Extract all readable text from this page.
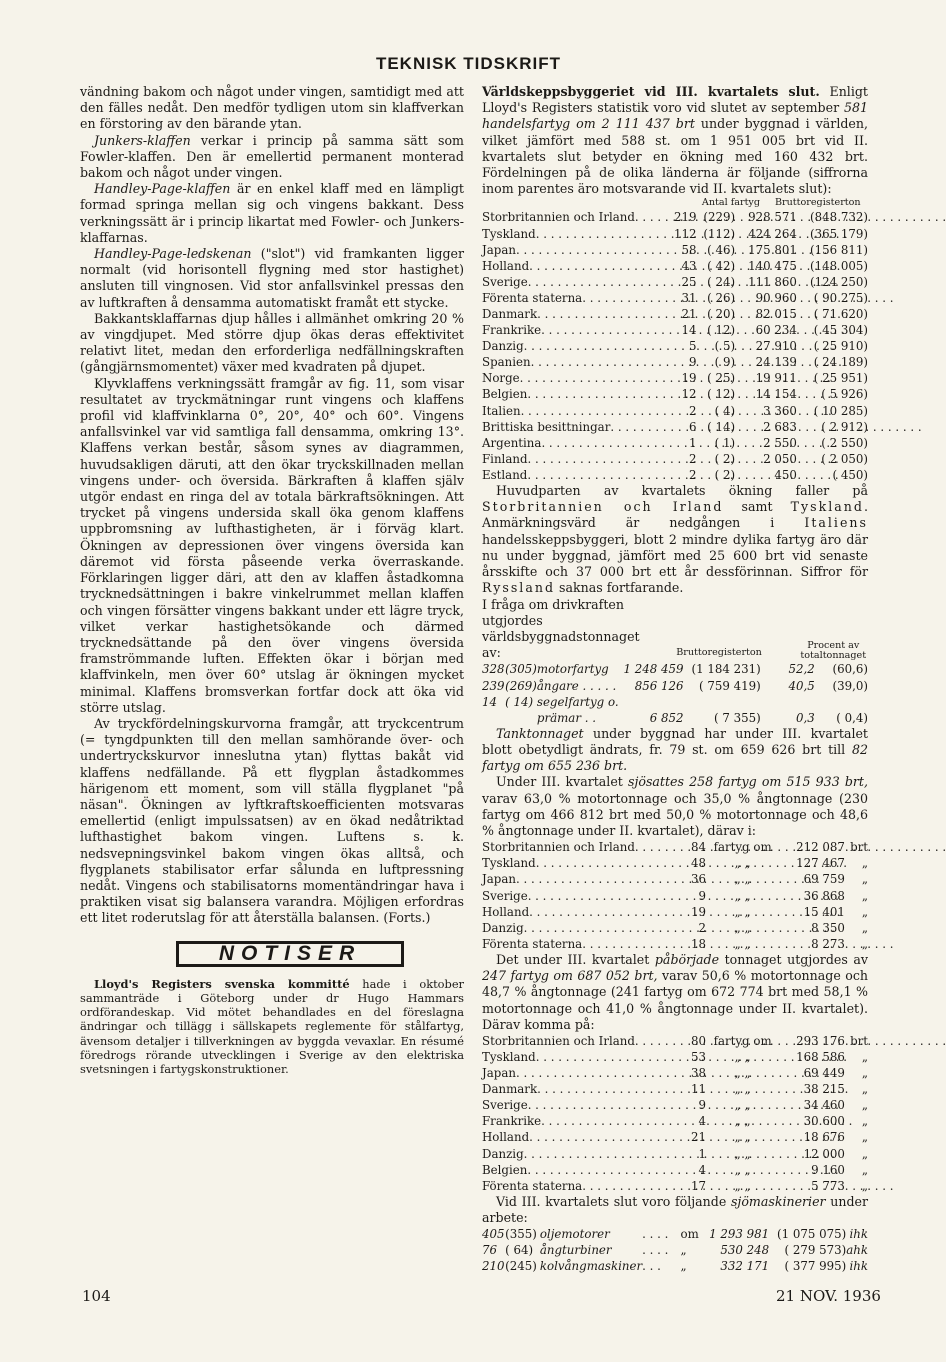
TEKNISK TIDSKRIFT

vändning bakom och något under vingen, samtidigt med att den fälles nedåt. Den medför tydligen utom sin klaffverkan en förstoring av den bärande ytan.

Junkers-klaffen verkar i princip på samma sätt som Fowler-klaffen. Den är emellertid permanent monterad bakom och något under vingen.

Handley-Page-klaffen är en enkel klaff med en lämpligt formad springa mellan sig och vingens bakkant. Dess verkningssätt är i princip likartat med Fowler- och Junkers-klaffarnas.

Handley-Page-ledskenan ("slot") vid framkanten ligger normalt (vid horisontell flygning med stor hastighet) ansluten till vingnosen. Vid stor anfallsvinkel pressas den av luftkraften å densamma automatiskt framåt ett stycke.

Bakkantsklaffarnas djup hålles i allmänhet omkring 20 % av vingdjupet. Med större djup ökas deras effektivitet relativt litet, medan den erforderliga nedfällningskraften (gångjärnsmomentet) växer med kvadraten på djupet.

Klyvklaffens verkningssätt framgår av fig. 11, som visar resultatet av tryckmätningar runt vingens och klaffens profil vid klaffvinklarna 0°, 20°, 40° och 60°. Vingens anfallsvinkel var vid samtliga fall densamma, omkring 13°. Klaffens verkan består, såsom synes av diagrammen, huvudsakligen däruti, att den ökar tryckskillnaden mellan vingens under- och översida. Bärkraften å klaffen själv utgör endast en ringa del av totala bärkraftsökningen. Att trycket på vingens undersida skall öka genom klaffens uppbromsning av lufthastigheten, är i förväg klart. Ökningen av depressionen över vingens översida kan däremot vid första påseende verka överraskande. Förklaringen ligger däri, att den av klaffen åstadkomna trycknedsättningen i bakre vinkelrummet mellan klaffen och vingen försätter vingens bakkant under ett lägre tryck, vilket verkar hastighetsökande och därmed trycknedsättande på den över vingens översida framströmmande luften. Effekten ökar i början med klaffvinkeln, men över 60° utslag är ökningen mycket minimal. Klaffens bromsverkan fortfar dock att öka vid större utslag.

Av tryckfördelningskurvorna framgår, att tryckcentrum (= tyngdpunkten till den mellan samhörande över- och undertryckskurvor inneslutna ytan) flyttas bakåt vid klaffens nedfällande. På ett flygplan åstadkommes härigenom ett moment, som vill ställa flygplanet "på näsan". Ökningen av lyftkraftskoefficienten motsvaras emellertid (enligt impulssatsen) av en ökad nedåtriktad lufthastighet bakom vingen. Luftens s. k. nedsvepningsvinkel bakom vingen ökas alltså, och flygplanets stabilisator erfar sålunda en luftpressning nedåt. Vingens och stabilisatorns momentändringar hava i praktiken visat sig balansera varandra. Möjligen erfordras ett litet roderutslag för att återställa balansen. (Forts.)

NOTISER

Lloyd's Registers svenska kommitté hade i oktober sammanträde i Göteborg under dr Hugo Hammars ordförandeskap. Vid mötet behandlades en del föreslagna ändringar och tillägg i sällskapets reglemente för stålfartyg, ävensom detaljer i tillverkningen av byggda vevaxlar. En résumé föredrogs rörande utvecklingen i Sverige av den elektriska svetsningen i fartygskonstruktioner.

Världskeppsbyggeriet vid III. kvartalets slut. Enligt Lloyd's Registers statistik voro vid slutet av september 581 handelsfartyg om 2 111 437 brt under byggnad i världen, vilket jämfört med 588 st. om 1 951 005 brt vid II. kvartalets slut betyder en ökning med 160 432 brt. Fördelningen på de olika länderna är följande (siffrorna inom parentes äro motsvarande vid II. kvartalets slut):

	Antal fartyg	Bruttoregisterton
Storbritannien och Irland . . .	219	(229)	928 571	(848 732)

Tyskland . . .	112	(112)	424 264	(365 179)

Japan . . .	58	( 46)	175 801	(156 811)

Holland . . .	43	( 42)	140 475	(148 005)

Sverige . . .	25	( 24)	111 860	(124 250)

Förenta staterna . . .	31	( 26)	90 960	( 90 275)

Danmark . . .	21	( 20)	82 015	( 71 620)

Frankrike . . .	14	( 12)	60 234	( 45 304)

Danzig . . .	5	( 5)	27 910	( 25 910)

Spanien . . .	9	( 9)	24 139	( 24 189)

Norge . . .	19	( 25)	19 911	( 25 951)

Belgien . . .	12	( 12)	14 154	( 5 926)

Italien . . .	2	( 4)	3 360	( 10 285)

Brittiska besittningar . . .	6	( 14)	2 683	( 2 912)

Argentina . . .	1	( 1)	2 550	( 2 550)

Finland . . .	2	( 2)	2 050	( 2 050)

Estland . . .	2	( 2)	450	( 450)

Huvudparten av kvartalets ökning faller på Storbritannien och Irland samt Tyskland. Anmärkningsvärd är nedgången i Italiens handelsskeppsbyggeri, blott 2 mindre dylika fartyg äro där nu under byggnad, jämfört med 25 600 brt vid senaste årsskifte och 37 000 brt ett år dessförinnan. Siffror för Ryssland saknas fortfarande.

I fråga om drivkraften utgjordes världsbyggnadstonnaget av:	Bruttoregisterton	Procent av totaltonnaget
328	(305)	motorfartyg	1 248 459	(1 184 231)	52,2	(60,6)
239	(269)	ångare . . . . .	856 126	( 759 419)	40,5	(39,0)
14	( 14)	segelfartyg o.				
		prämar . .	6 852	( 7 355)	0,3	( 0,4)

Tanktonnaget under byggnad har under III. kvartalet blott obetydligt ändrats, fr. 79 st. om 659 626 brt till 82 fartyg om 655 236 brt.

Under III. kvartalet sjösattes 258 fartyg om 515 933 brt, varav 63,0 % motortonnage och 35,0 % ångtonnage (230 fartyg om 466 812 brt med 50,0 % motortonnage och 48,6 % ångtonnage under II. kvartalet), därav i:

Storbritannien och Irland . . .	84	fartyg om	212 087	brt

Tyskland . . .	48	„ „	127 467	„

Japan . . .	36	„ „	69 759	„

Sverige . . .	9	„ „	36 868	„

Holland . . .	19	„ „	15 401	„

Danzig . . .	2	„ „	8 350	„

Förenta staterna . . .	18	„ „	8 273	„

Det under III. kvartalet påbörjade tonnaget utgjordes av 247 fartyg om 687 052 brt, varav 50,6 % motortonnage och 48,7 % ångtonnage (241 fartyg om 672 774 brt med 58,1 % motortonnage och 41,0 % ångtonnage under II. kvartalet). Därav komma på:

Storbritannien och Irland . . .	80	fartyg om	293 176	brt

Tyskland . . .	53	„ „	168 586	„

Japan . . .	38	„ „	69 449	„

Danmark . . .	11	„ „	38 215	„

Sverige . . .	9	„ „	34 460	„

Frankrike . . .	4	„ „	30 600	„

Holland . . .	21	„ „	18 676	„

Danzig . . .	1	„ „	12 000	„

Belgien . . .	4	„ „	9 160	„

Förenta staterna . . .	17	„ „	5 773	„

Vid III. kvartalets slut voro följande sjömaskinerier under arbete:

405	(355)	oljemotorer	. . . .	om	1 293 981	(1 075 075)	ihk
76	( 64)	ångturbiner	. . . .	„	530 248	( 279 573)	ahk
210	(245)	kolvångmaskiner	. . .	„	332 171	( 377 995)	ihk
104	21 NOV. 1936
